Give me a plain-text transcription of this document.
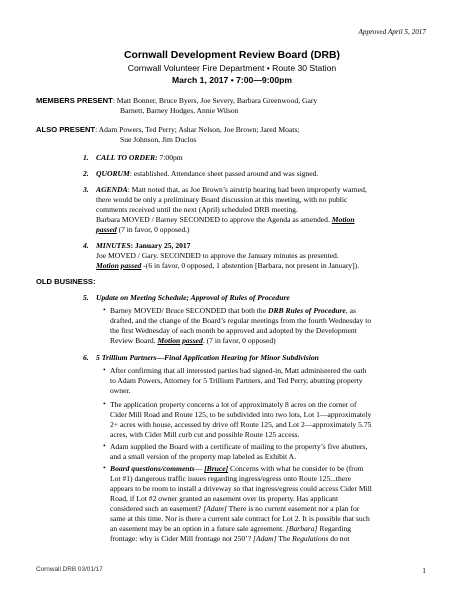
Approved April 5, 2017
Cornwall Development Review Board (DRB)
Cornwall Volunteer Fire Department • Route 30 Station
March 1, 2017 • 7:00—9:00pm
MEMBERS PRESENT: Matt Bonner, Bruce Byers, Joe Severy, Barbara Greenwood, Gary
Barnett, Barney Hodges, Annie Wilson
ALSO PRESENT: Adam Powers, Ted Perry; Ashar Nelson, Joe Brown; Jared Moats;
Sue Johnson, Jim Duclos
1. CALL TO ORDER: 7:00pm
2. QUORUM: established. Attendance sheet passed around and was signed.
3. AGENDA: Matt noted that, as Joe Brown’s airstrip hearing had been improperly warned,
there would be only a preliminary Board discussion at this meeting, with no public
comments received until the next (April) scheduled DRB meeting.
Barbara MOVED / Barney SECONDED to approve the Agenda as amended. Motion
passed (7 in favor, 0 opposed.)
4. MINUTES: January 25, 2017
Joe MOVED / Gary. SECONDED to approve the January minutes as presented.
Motion passed -(6 in favor, 0 opposed, 1 abstention [Barbara, not present in January]).
OLD BUSINESS:
5. Update on Meeting Schedule; Approval of Rules of Procedure
• Barney MOVED/ Bruce SECONDED that both the DRB Rules of Procedure, as
drafted, and the change of the Board’s regular meetings from the fourth Wednesday to
the first Wednesday of each month be approved and adopted by the Development
Review Board. Motion passed. (7 in favor, 0 opposed)
6. 5 Trillium Partners—Final Application Hearing for Minor Subdivision
• After confirming that all interested parties had signed-in, Matt administered the oath
to Adam Powers, Attorney for 5 Trillium Partners, and Ted Perry, abutting property
owner.
• The application property concerns a lot of approximately 8 acres on the corner of
Cider Mill Road and Route 125, to be subdivided into two lots, Lot 1—approximately
2+ acres with house, accessed by drive off Route 125, and Lot 2—approximately 5.75
acres, with Cider Mill curb cut and possible Route 125 access.
• Adam supplied the Board with a certificate of mailing to the property’s five abutters,
and a small version of the property map labeled as Exhibit A.
• Board questions/comments— [Bruce] Concerns with what he consider to be (from
Lot #1) dangerous traffic issues regarding ingress/egress onto Route 125...there
appears to be room to install a driveway so that ingress/egress could access Cider Mill
Road, if Lot #2 owner granted an easement over its property. Has applicant
considered such an easement? [Adam] There is no current easement nor a plan for
same at this time. Nor is there a current sale contract for Lot 2. It is possible that such
an easement may be an option in a future sale agreement. [Barbara] Regarding
frontage: why is Cider Mill frontage not 250’? [Adam] The Regulations do not
Cornwall DRB 03/01/17	1
